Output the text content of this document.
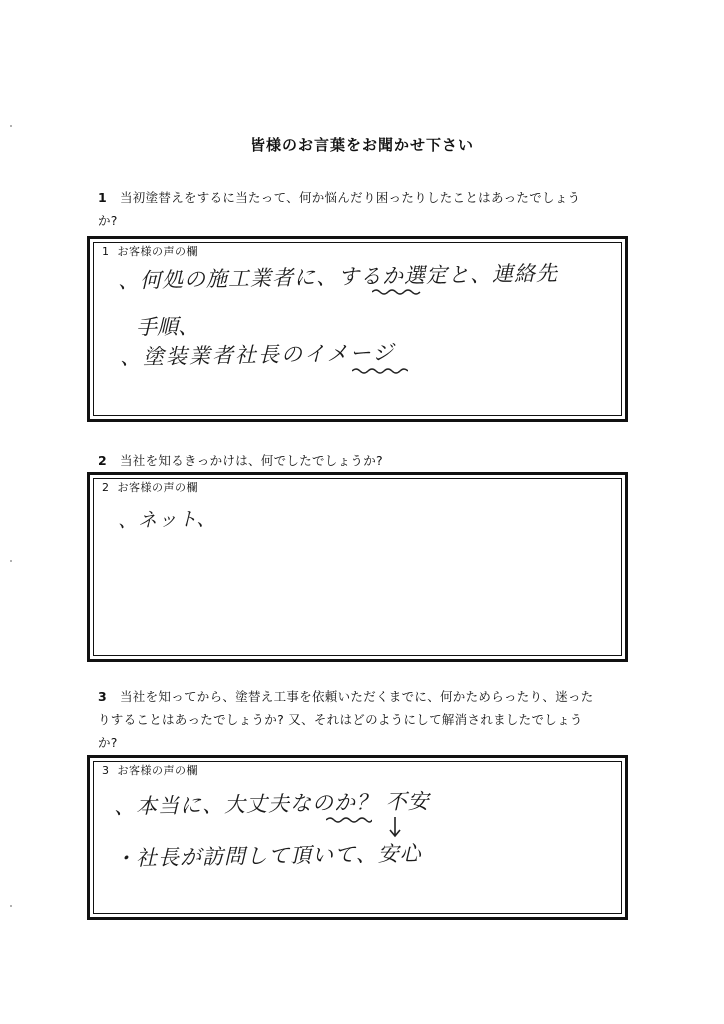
皆様のお言葉をお聞かせ下さい
1 当初塗替えをするに当たって、何か悩んだり困ったりしたことはあったでしょう
か?
1 お客様の声の欄
、何処の施工業者に、するか選定と、連絡先
手順、
、塗装業者社長のイメージ
2 当社を知るきっかけは、何でしたでしょうか?
2 お客様の声の欄
、ネット、
3 当社を知ってから、塗替え工事を依頼いただくまでに、何かためらったり、迷った
りすることはあったでしょうか? 又、それはどのようにして解消されましたでしょう
か?
3 お客様の声の欄
、本当に、大丈夫なのか？ 不安
・社長が訪問して頂いて、安心
